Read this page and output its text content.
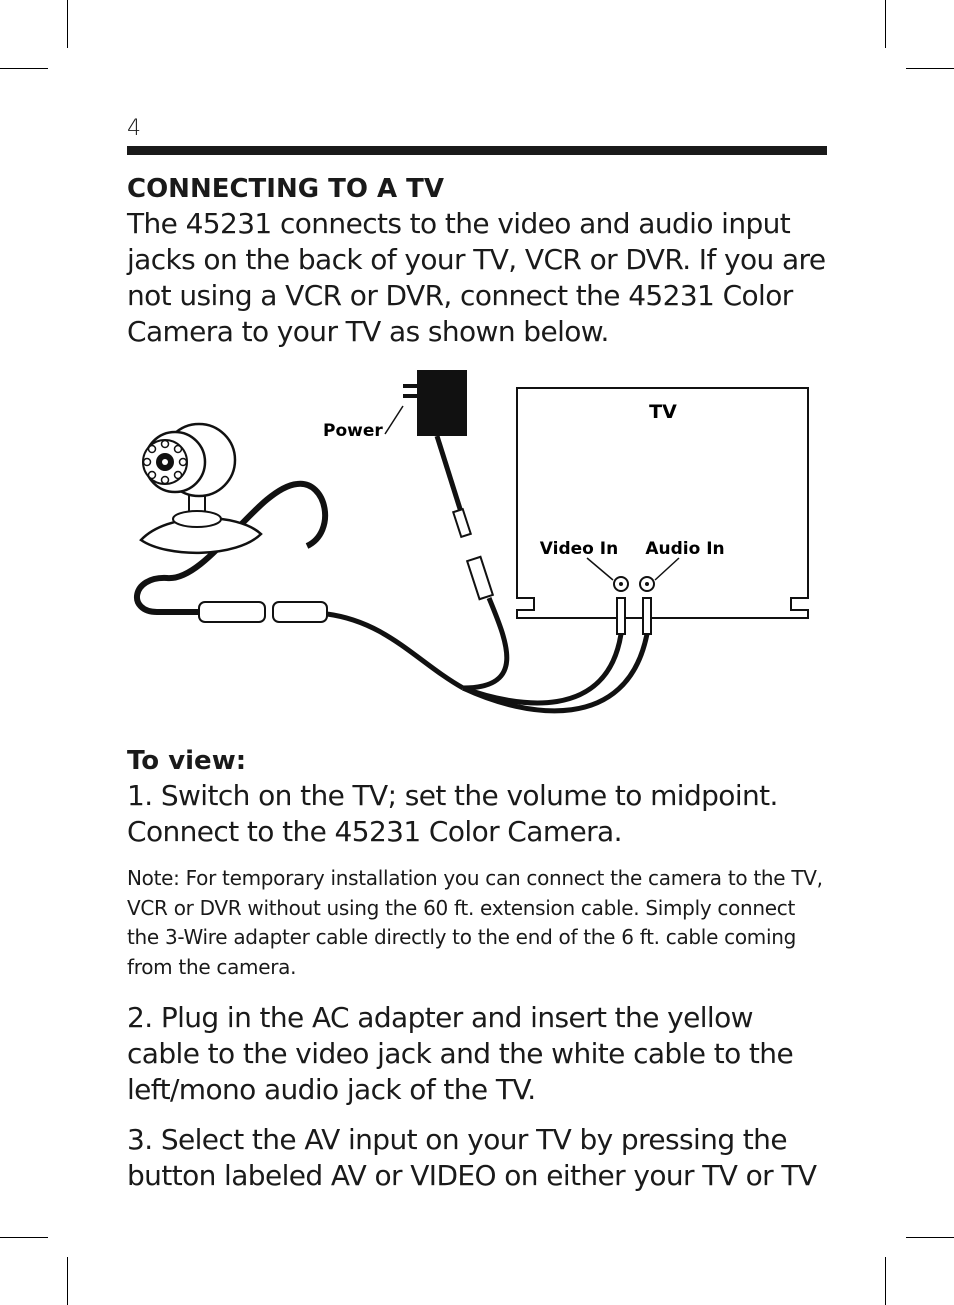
4
CONNECTING TO A TV

The 45231 connects to the video and audio input jacks on the back of your TV, VCR or DVR. If you are not using a VCR or DVR, connect the 45231 Color Camera to your TV as shown below.

TV
Video In Audio In
Power
To view:

1. Switch on the TV; set the volume to midpoint. Connect to the 45231 Color Camera.

Note: For temporary installation you can connect the camera to the TV, VCR or DVR without using the 60 ft. extension cable. Simply connect the 3-Wire adapter cable directly to the end of the 6 ft. cable coming from the camera.

2. Plug in the AC adapter and insert the yellow cable to the video jack and the white cable to the left/mono audio jack of the TV.

3. Select the AV input on your TV by pressing the button labeled AV or VIDEO on either your TV or TV
